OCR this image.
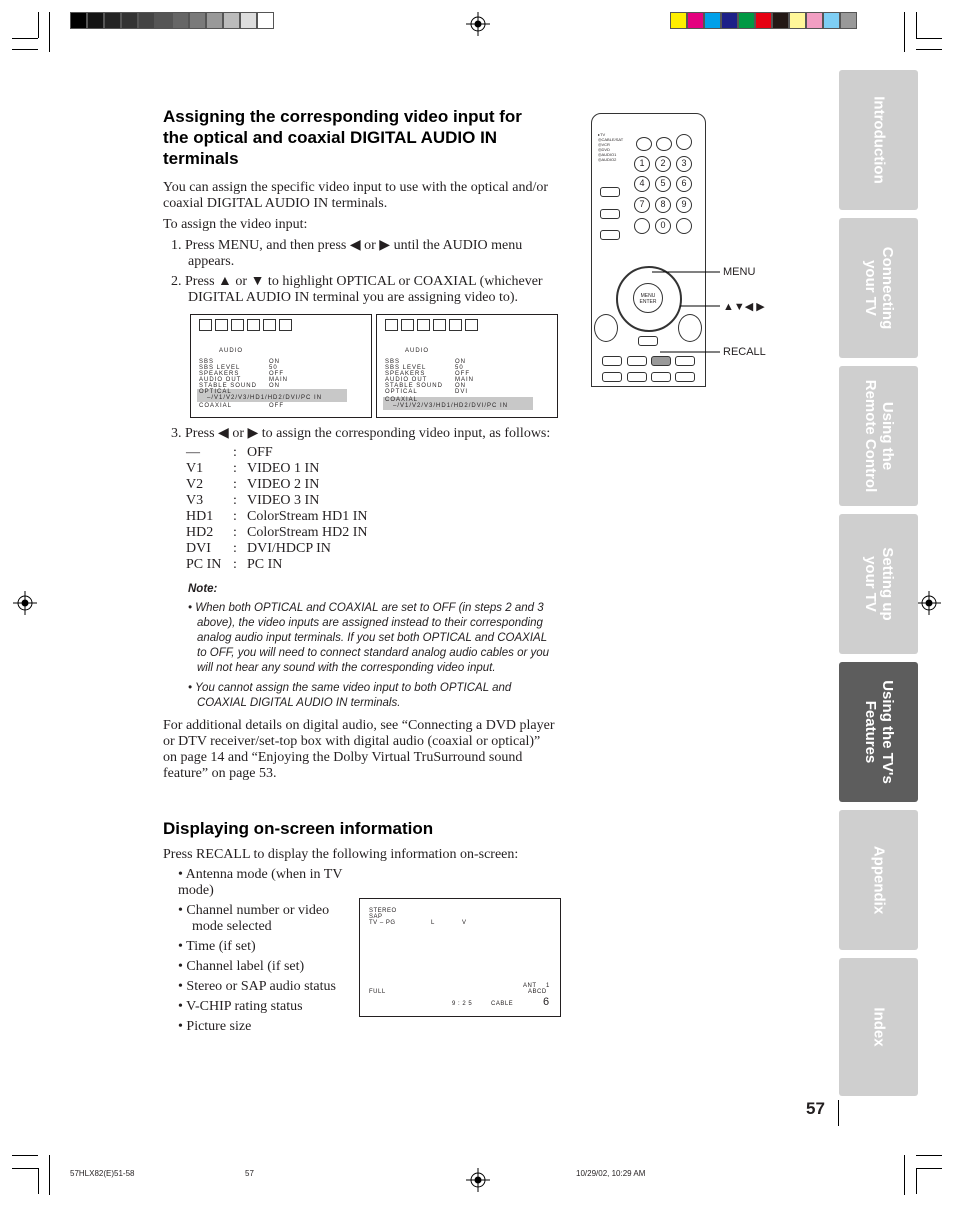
Introduction
Connecting
your TV
Using the
Remote Control
Setting up
your TV
Using the TV's
Features
Appendix
Index
Assigning the corresponding video input for
the optical and coaxial DIGITAL AUDIO IN
terminals

You can assign the specific video input to use with the optical and/or

coaxial DIGITAL AUDIO IN terminals.

To assign the video input:

1. Press MENU, and then press ◀ or ▶ until the AUDIO menu

appears.

2. Press ▲ or ▼ to highlight OPTICAL or COAXIAL (whichever

DIGITAL AUDIO IN terminal you are assigning video to).

AUDIO
SBS	ON
SBS LEVEL	50
SPEAKERS	OFF
AUDIO OUT	MAIN
STABLE SOUND	ON
OPTICAL
–/V1/V2/V3/HD1/HD2/DVI/PC IN
COAXIAL	OFF
AUDIO
SBS	ON
SBS LEVEL	50
SPEAKERS	OFF
AUDIO OUT	MAIN
STABLE SOUND	ON
OPTICAL	DVI
COAXIAL
–/V1/V2/V3/HD1/HD2/DVI/PC IN

3. Press ◀ or ▶ to assign the corresponding video input, as follows:

—	:	OFF
V1	:	VIDEO 1 IN
V2	:	VIDEO 2 IN
V3	:	VIDEO 3 IN
HD1	:	ColorStream HD1 IN
HD2	:	ColorStream HD2 IN
DVI	:	DVI/HDCP IN
PC IN	:	PC IN

Note:

• When both OPTICAL and COAXIAL are set to OFF (in steps 2 and 3

above), the video inputs are assigned instead to their corresponding

analog audio input terminals. If you set both OPTICAL and COAXIAL

to OFF, you will need to connect standard analog audio cables or you

will not hear any sound with the corresponding video input.

• You cannot assign the same video input to both OPTICAL and

COAXIAL DIGITAL AUDIO IN terminals.

For additional details on digital audio, see “Connecting a DVD player

or DTV receiver/set-top box with digital audio (coaxial or optical)”

on page 14 and “Enjoying the Dolby Virtual TruSurround sound

feature” on page 53.

Displaying on-screen information

Press RECALL to display the following information on-screen:

• Antenna mode (when in TV mode)

• Channel number or video

mode selected

• Time (if set)

• Channel label (if set)

• Stereo or SAP audio status

• V-CHIP rating status

• Picture size

STEREO
SAP
TV – PG	L	V
ANT 1
ABCD
FULL
9 : 2 5	CABLE	6
▸TV
◎CABLE/SAT
◎VCR
◎DVD
◎AUDIO1
◎AUDIO2	1	2	3
4	5	6
7	8	9
0
MENU
ENTER
MENU
▲▼◀ ▶
RECALL
57
57HLX82(E)51-58	57	10/29/02, 10:29 AM
